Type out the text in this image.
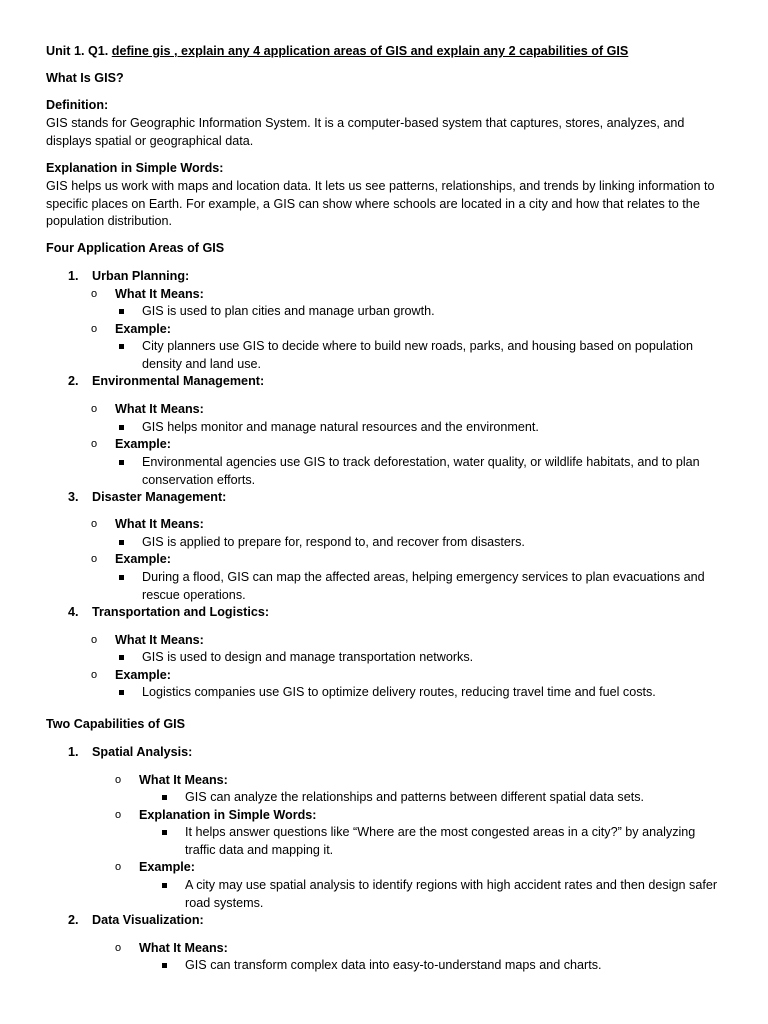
Unit 1. Q1. define gis , explain any 4 application areas of GIS and explain any 2 capabilities of GIS
What Is GIS?
Definition:
GIS stands for Geographic Information System. It is a computer-based system that captures, stores, analyzes, and displays spatial or geographical data.
Explanation in Simple Words:
GIS helps us work with maps and location data. It lets us see patterns, relationships, and trends by linking information to specific places on Earth. For example, a GIS can show where schools are located in a city and how that relates to the population distribution.
Four Application Areas of GIS
1. Urban Planning:
o What It Means:
GIS is used to plan cities and manage urban growth.
o Example:
City planners use GIS to decide where to build new roads, parks, and housing based on population density and land use.
2. Environmental Management:
o What It Means:
GIS helps monitor and manage natural resources and the environment.
o Example:
Environmental agencies use GIS to track deforestation, water quality, or wildlife habitats, and to plan conservation efforts.
3. Disaster Management:
o What It Means:
GIS is applied to prepare for, respond to, and recover from disasters.
o Example:
During a flood, GIS can map the affected areas, helping emergency services to plan evacuations and rescue operations.
4. Transportation and Logistics:
o What It Means:
GIS is used to design and manage transportation networks.
o Example:
Logistics companies use GIS to optimize delivery routes, reducing travel time and fuel costs.
Two Capabilities of GIS
1. Spatial Analysis:
o What It Means:
GIS can analyze the relationships and patterns between different spatial data sets.
o Explanation in Simple Words:
It helps answer questions like “Where are the most congested areas in a city?” by analyzing traffic data and mapping it.
o Example:
A city may use spatial analysis to identify regions with high accident rates and then design safer road systems.
2. Data Visualization:
o What It Means:
GIS can transform complex data into easy-to-understand maps and charts.
